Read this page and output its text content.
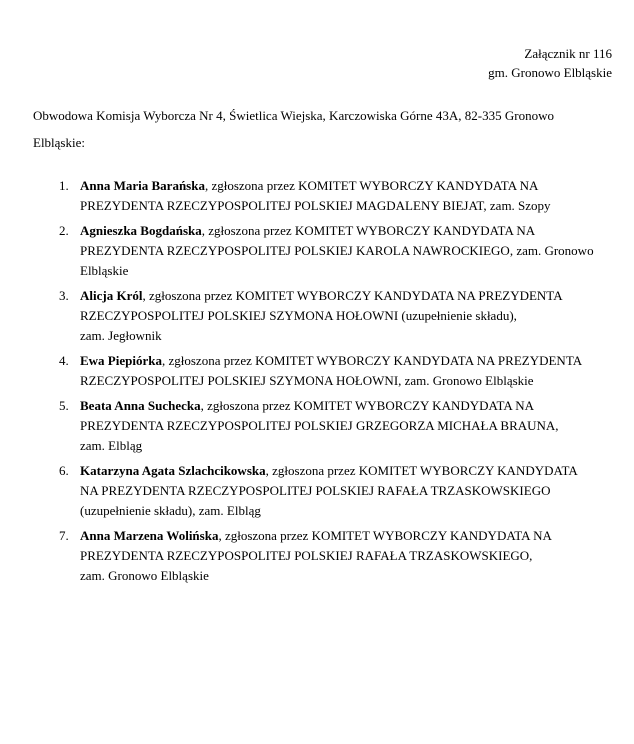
Załącznik nr 116
gm. Gronowo Elbląskie
Obwodowa Komisja Wyborcza Nr 4, Świetlica Wiejska, Karczowiska Górne 43A, 82-335 Gronowo
Elbląskie:
1. Anna Maria Barańska, zgłoszona przez KOMITET WYBORCZY KANDYDATA NA
PREZYDENTA RZECZYPOSPOLITEJ POLSKIEJ MAGDALENY BIEJAT, zam. Szopy
2. Agnieszka Bogdańska, zgłoszona przez KOMITET WYBORCZY KANDYDATA NA
PREZYDENTA RZECZYPOSPOLITEJ POLSKIEJ KAROLA NAWROCKIEGO, zam. Gronowo
Elbląskie
3. Alicja Król, zgłoszona przez KOMITET WYBORCZY KANDYDATA NA PREZYDENTA
RZECZYPOSPOLITEJ POLSKIEJ SZYMONA HOŁOWNI (uzupełnienie składu),
zam. Jegłownik
4. Ewa Piepiórka, zgłoszona przez KOMITET WYBORCZY KANDYDATA NA PREZYDENTA
RZECZYPOSPOLITEJ POLSKIEJ SZYMONA HOŁOWNI, zam. Gronowo Elbląskie
5. Beata Anna Suchecka, zgłoszona przez KOMITET WYBORCZY KANDYDATA NA
PREZYDENTA RZECZYPOSPOLITEJ POLSKIEJ GRZEGORZA MICHAŁA BRAUNA,
zam. Elbląg
6. Katarzyna Agata Szlachcikowska, zgłoszona przez KOMITET WYBORCZY KANDYDATA
NA PREZYDENTA RZECZYPOSPOLITEJ POLSKIEJ RAFAŁA TRZASKOWSKIEGO
(uzupełnienie składu), zam. Elbląg
7. Anna Marzena Wolińska, zgłoszona przez KOMITET WYBORCZY KANDYDATA NA
PREZYDENTA RZECZYPOSPOLITEJ POLSKIEJ RAFAŁA TRZASKOWSKIEGO,
zam. Gronowo Elbląskie
